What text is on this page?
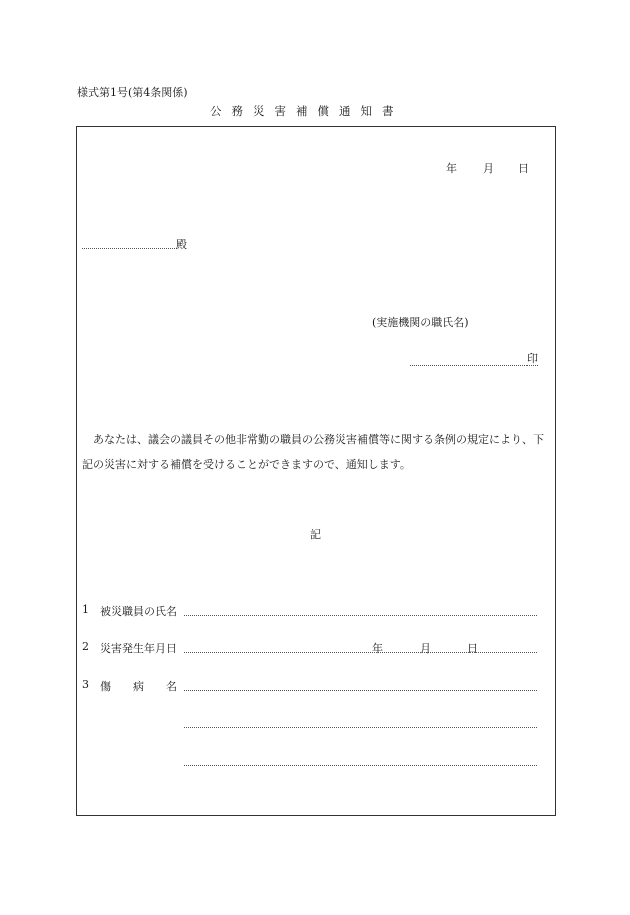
様式第1号(第4条関係)
公務災害補償通知書
年 月 日
殿
(実施機関の職氏名)
印
あなたは、議会の議員その他非常勤の職員の公務災害補償等に関する条例の規定により、下記の災害に対する補償を受けることができますので、通知します。
記
1 被災職員の氏名
2 災害発生年月日	年	月	日
3 傷　　病　　名
